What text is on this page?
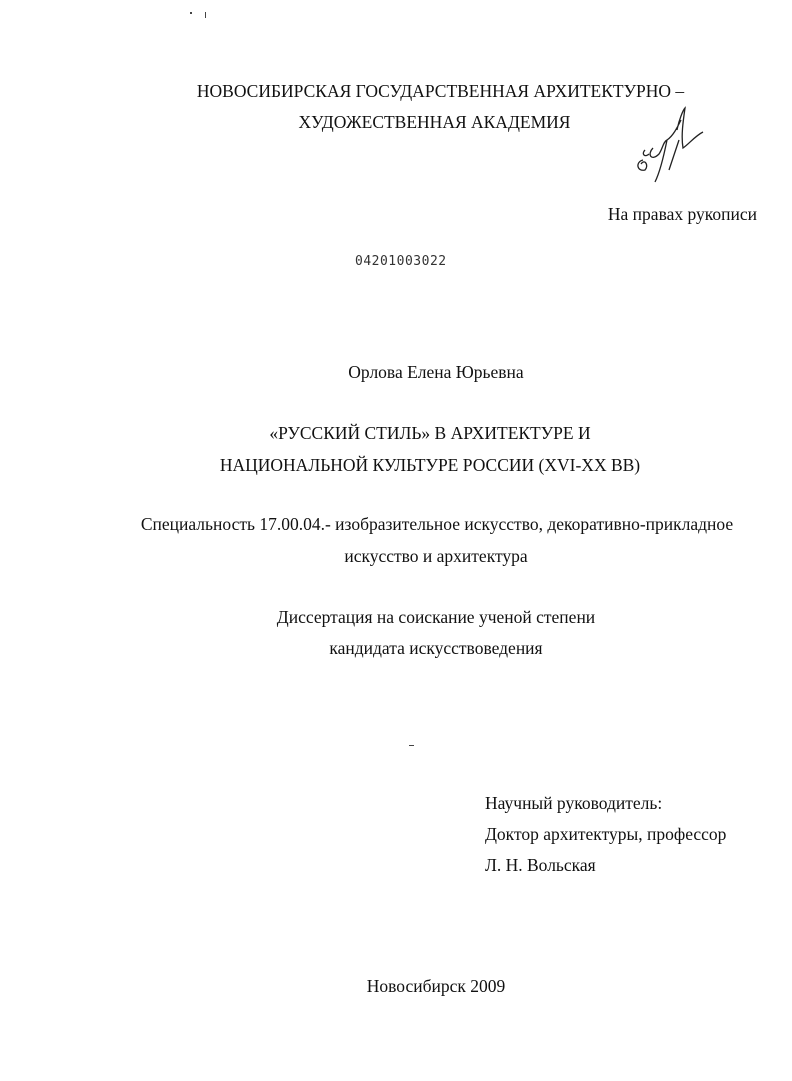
НОВОСИБИРСКАЯ ГОСУДАРСТВЕННАЯ АРХИТЕКТУРНО –
ХУДОЖЕСТВЕННАЯ АКАДЕМИЯ
На правах рукописи
04201003022
Орлова Елена Юрьевна
«РУССКИЙ СТИЛЬ» В АРХИТЕКТУРЕ И
НАЦИОНАЛЬНОЙ КУЛЬТУРЕ РОССИИ (XVI-XX ВВ)
Специальность 17.00.04.- изобразительное искусство, декоративно-прикладное
искусство и архитектура
Диссертация на соискание ученой степени
кандидата искусствоведения
Научный руководитель:
Доктор архитектуры, профессор
Л. Н. Вольская
Новосибирск 2009
